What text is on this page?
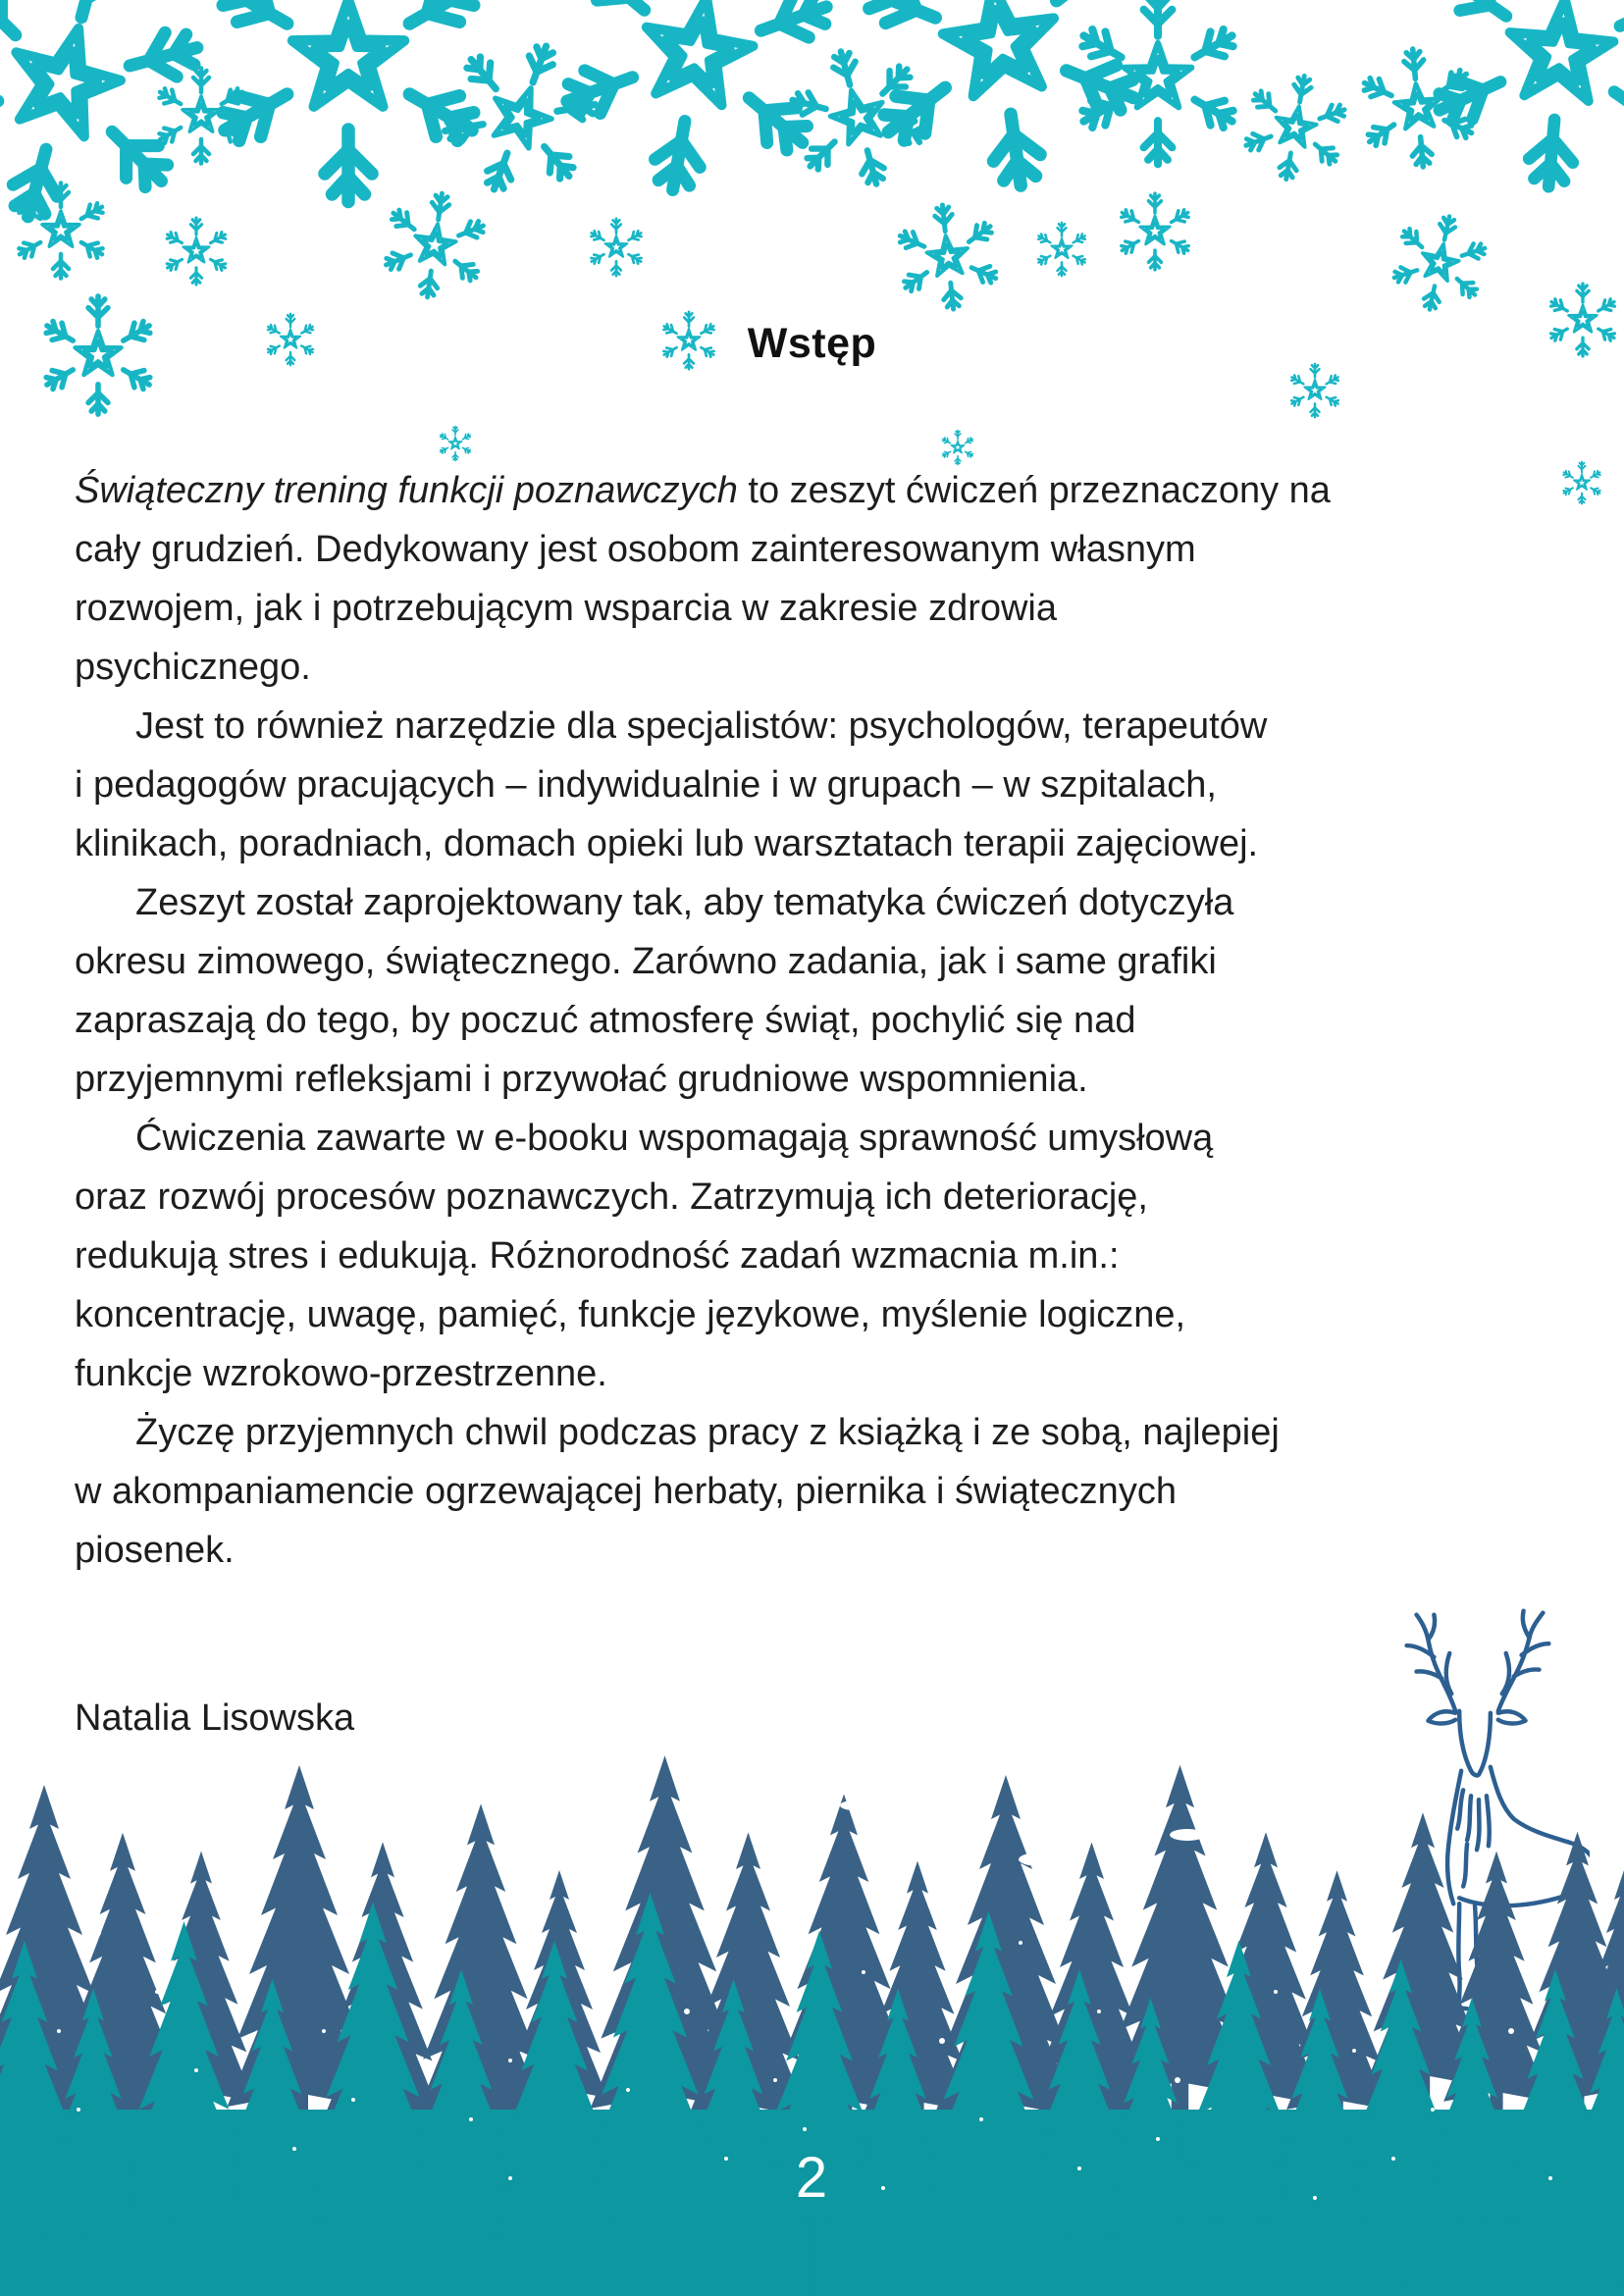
Wstęp
Świąteczny trening funkcji poznawczych to zeszyt ćwiczeń przeznaczony na
cały grudzień. Dedykowany jest osobom zainteresowanym własnym
rozwojem, jak i potrzebującym wsparcia w zakresie zdrowia
psychicznego.
Jest to również narzędzie dla specjalistów: psychologów, terapeutów
i pedagogów pracujących – indywidualnie i w grupach – w szpitalach,
klinikach, poradniach, domach opieki lub warsztatach terapii zajęciowej.
Zeszyt został zaprojektowany tak, aby tematyka ćwiczeń dotyczyła
okresu zimowego, świątecznego. Zarówno zadania, jak i same grafiki
zapraszają do tego, by poczuć atmosferę świąt, pochylić się nad
przyjemnymi refleksjami i przywołać grudniowe wspomnienia.
Ćwiczenia zawarte w e-booku wspomagają sprawność umysłową
oraz rozwój procesów poznawczych. Zatrzymują ich deteriorację,
redukują stres i edukują. Różnorodność zadań wzmacnia m.in.:
koncentrację, uwagę, pamięć, funkcje językowe, myślenie logiczne,
funkcje wzrokowo-przestrzenne.
Życzę przyjemnych chwil podczas pracy z książką i ze sobą, najlepiej
w akompaniamencie ogrzewającej herbaty, piernika i świątecznych
piosenek.
Natalia Lisowska
2
